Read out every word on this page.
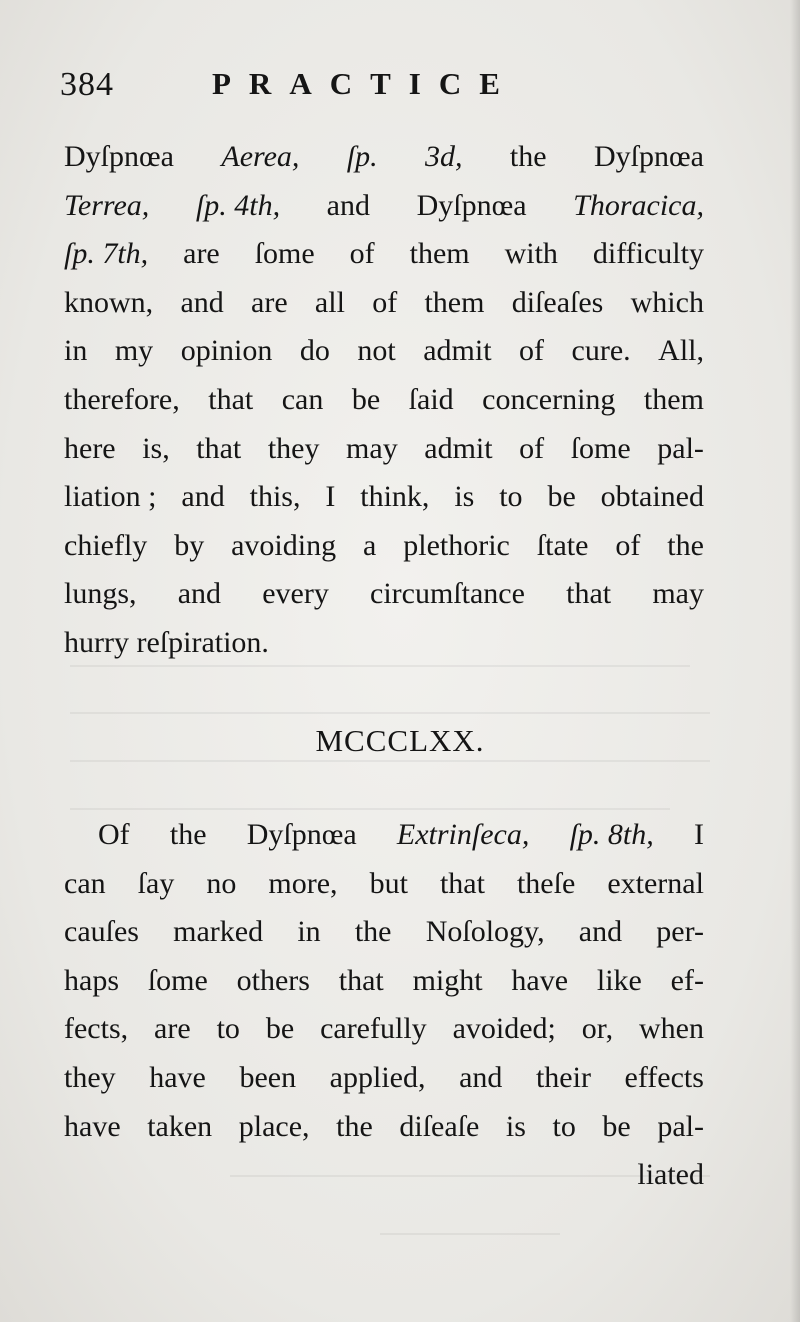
384	PRACTICE
Dyſpnœa Aerea, ſp. 3d, the Dyſpnœa
Terrea, ſp. 4th, and Dyſpnœa Thoracica,
ſp. 7th, are ſome of them with difficulty
known, and are all of them diſeaſes which
in my opinion do not admit of cure. All,
therefore, that can be ſaid concerning them
here is, that they may admit of ſome pal-
liation ; and this, I think, is to be obtained
chiefly by avoiding a plethoric ſtate of the
lungs, and every circumſtance that may
hurry reſpiration.
MCCCLXX.
Of the Dyſpnœa Extrinſeca, ſp. 8th, I
can ſay no more, but that theſe external
cauſes marked in the Noſology, and per-
haps ſome others that might have like ef-
fects, are to be carefully avoided; or, when
they have been applied, and their effects
have taken place, the diſeaſe is to be pal-
liated
